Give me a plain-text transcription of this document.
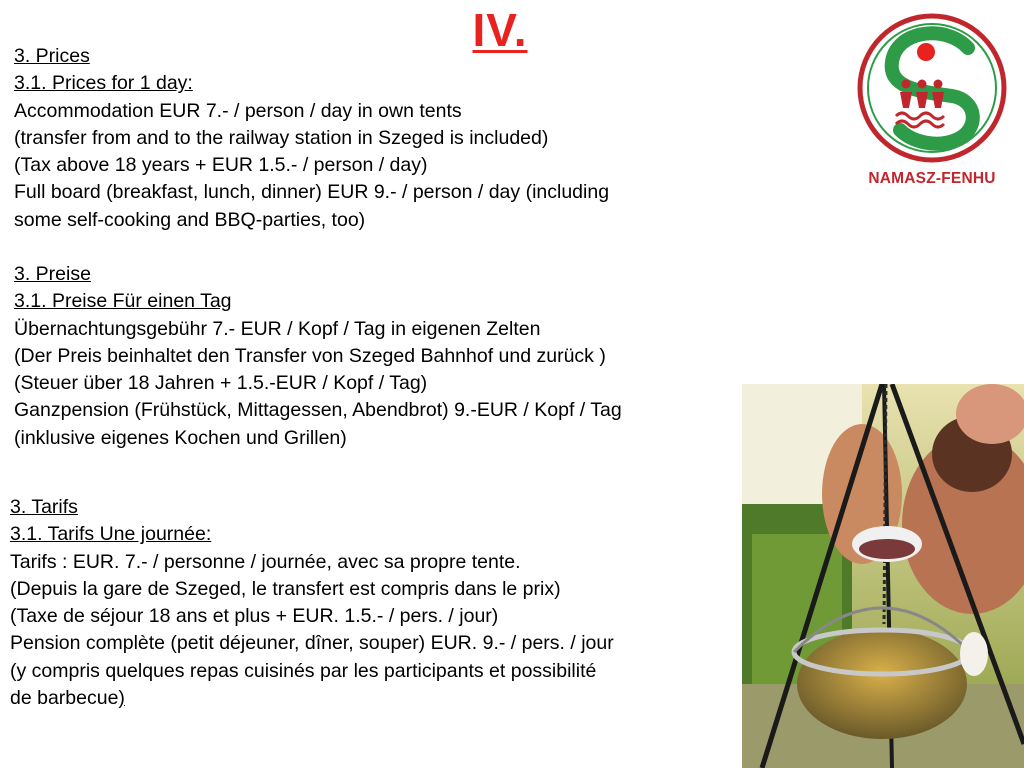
IV.
3. Prices
3.1. Prices for 1 day:
Accommodation EUR 7.- / person / day in own tents
(transfer from and to the railway station in Szeged is included)
(Tax above 18 years + EUR 1.5.- / person / day)
Full board (breakfast, lunch, dinner) EUR 9.- / person / day (including
some self-cooking and BBQ-parties, too)
3. Preise
3.1. Preise Für einen Tag
Übernachtungsgebühr 7.- EUR / Kopf / Tag in eigenen Zelten
(Der Preis beinhaltet den Transfer von Szeged Bahnhof und zurück )
(Steuer über 18 Jahren + 1.5.-EUR / Kopf / Tag)
Ganzpension (Frühstück, Mittagessen, Abendbrot) 9.-EUR / Kopf / Tag
(inklusive eigenes Kochen und Grillen)
3. Tarifs
3.1. Tarifs Une journée:
Tarifs : EUR. 7.- / personne / journée, avec sa propre tente.
(Depuis la gare de Szeged, le transfert est compris dans le prix)
(Taxe de séjour 18 ans et plus + EUR. 1.5.- / pers. / jour)
Pension complète (petit déjeuner, dîner, souper) EUR. 9.- / pers. / jour
(y compris quelques repas cuisinés par les participants et possibilité
de barbecue)
NAMASZ-FENHU
